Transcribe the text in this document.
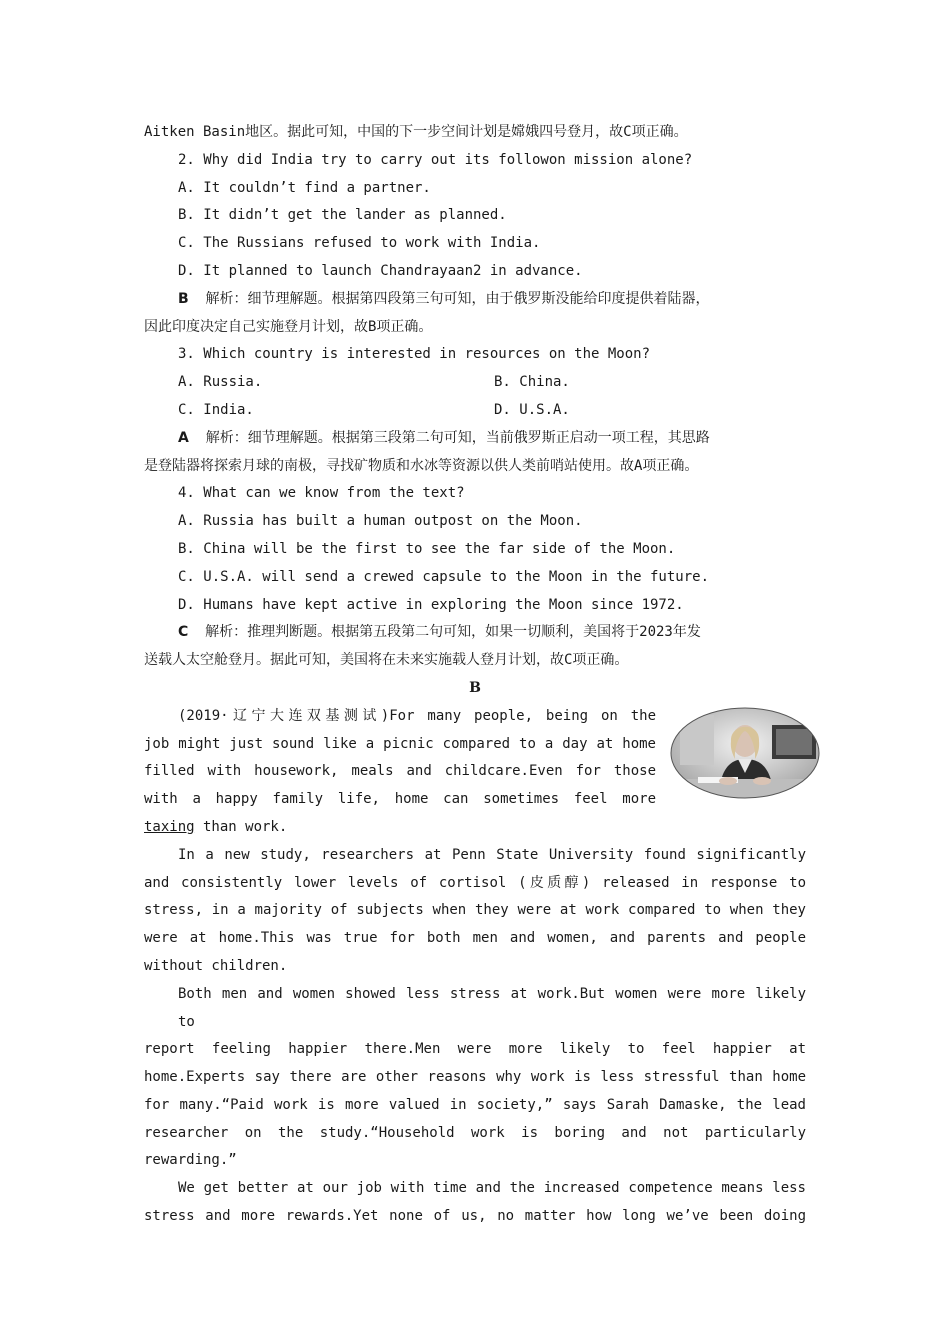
Aitken Basin地区。据此可知，中国的下一步空间计划是嫦娥四号登月，故C项正确。
2. Why did India try to carry out its followon mission alone?
A. It couldn’t find a partner.
B. It didn’t get the lander as planned.
C. The Russians refused to work with India.
D. It planned to launch Chandrayaan2 in advance.
B 解析：细节理解题。根据第四段第三句可知，由于俄罗斯没能给印度提供着陆器，
因此印度决定自己实施登月计划，故B项正确。
3. Which country is interested in resources on the Moon?
A. Russia.	B. China.
C. India.	D. U.S.A.
A 解析：细节理解题。根据第三段第二句可知，当前俄罗斯正启动一项工程，其思路
是登陆器将探索月球的南极，寻找矿物质和水冰等资源以供人类前哨站使用。故A项正确。
4. What can we know from the text?
A. Russia has built a human outpost on the Moon.
B. China will be the first to see the far side of the Moon.
C. U.S.A. will send a crewed capsule to the Moon in the future.
D. Humans have kept active in exploring the Moon since 1972.
C 解析：推理判断题。根据第五段第二句可知，如果一切顺利，美国将于2023年发
送载人太空舱登月。据此可知，美国将在未来实施载人登月计划，故C项正确。
B
(2019·辽宁大连双基测试)For many people, being on the
job might just sound like a picnic compared to a day at home
filled with housework, meals and childcare.Even for those
with a happy family life, home can sometimes feel more
taxing than work.
In a new study, researchers at Penn State University found significantly
and consistently lower levels of cortisol (皮质醇) released in response to
stress, in a majority of subjects when they were at work compared to when they
were at home.This was true for both men and women, and parents and people
without children.
Both men and women showed less stress at work.But women were more likely to
report feeling happier there.Men were more likely to feel happier at
home.Experts say there are other reasons why work is less stressful than home
for many.“Paid work is more valued in society,” says Sarah Damaske, the lead
researcher on the study.“Household work is boring and not particularly
rewarding.”
We get better at our job with time and the increased competence means less
stress and more rewards.Yet none of us, no matter how long we’ve been doing
